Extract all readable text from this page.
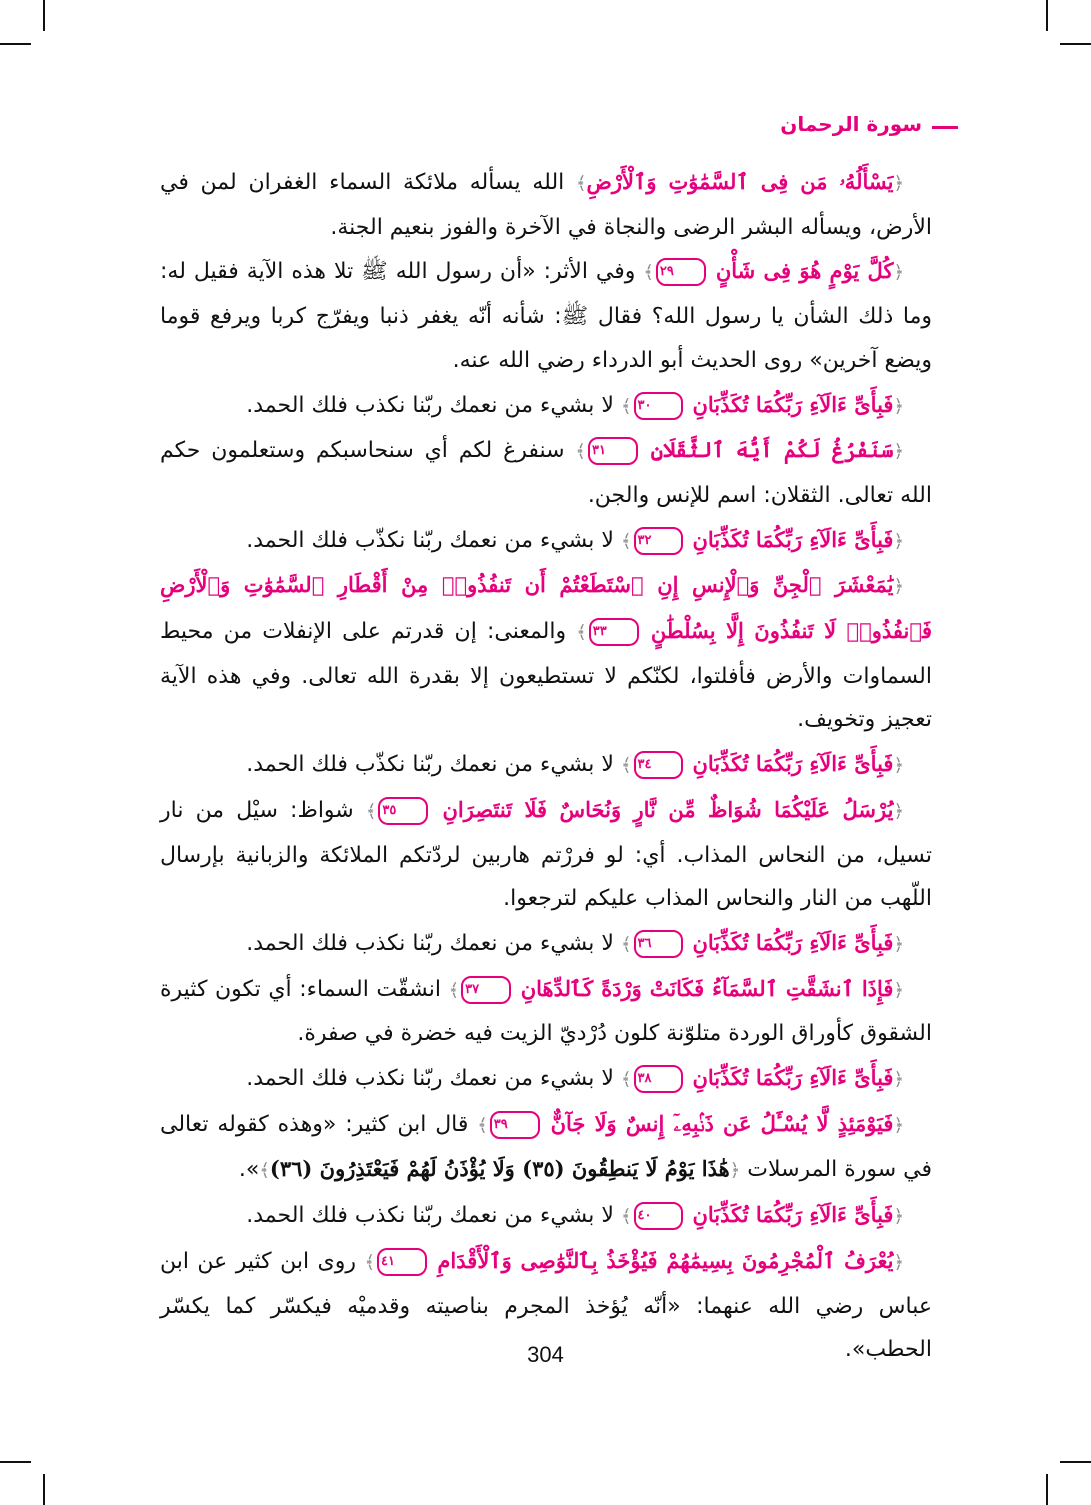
سورة الرحمان

﴿يَسْأَلُهُۥ مَن فِى ٱلسَّمَٰوَٰتِ وَٱلْأَرْضِ﴾ الله يسأله ملائكة السماء الغفران لمن في الأرض، ويسأله البشر الرضى والنجاة في الآخرة والفوز بنعيم الجنة.

﴿كُلَّ يَوْمٍ هُوَ فِى شَأْنٍ ٢٩﴾ وفي الأثر: «أن رسول الله ﷺ تلا هذه الآية فقيل له: وما ذلك الشأن يا رسول الله؟ فقال ﷺ: شأنه أنّه يغفر ذنبا ويفرّج كربا ويرفع قوما ويضع آخرين» روى الحديث أبو الدرداء رضي الله عنه.

﴿فَبِأَىِّ ءَالَآءِ رَبِّكُمَا تُكَذِّبَانِ ٣٠﴾ لا بشيء من نعمك ربّنا نكذب فلك الحمد.

﴿سَنَفْرُغُ لَكُمْ أَيُّهَ ٱلثَّقَلَانِ ٣١﴾ سنفرغ لكم أي سنحاسبكم وستعلمون حكم الله تعالى. الثقلان: اسم للإنس والجن.

﴿فَبِأَىِّ ءَالَآءِ رَبِّكُمَا تُكَذِّبَانِ ٣٢﴾ لا بشيء من نعمك ربّنا نكذّب فلك الحمد.

﴿يَٰمَعْشَرَ ٱلْجِنِّ وَٱلْإِنسِ إِنِ ٱسْتَطَعْتُمْ أَن تَنفُذُوا۟ مِنْ أَقْطَارِ ٱلسَّمَٰوَٰتِ وَٱلْأَرْضِ فَٱنفُذُوا۟ لَا تَنفُذُونَ إِلَّا بِسُلْطَٰنٍ ٣٣﴾ والمعنى: إن قدرتم على الإنفلات من محيط السماوات والأرض فأفلتوا، لكنّكم لا تستطيعون إلا بقدرة الله تعالى. وفي هذه الآية تعجيز وتخويف.

﴿فَبِأَىِّ ءَالَآءِ رَبِّكُمَا تُكَذِّبَانِ ٣٤﴾ لا بشيء من نعمك ربّنا نكذّب فلك الحمد.

﴿يُرْسَلُ عَلَيْكُمَا شُوَاظٌ مِّن نَّارٍ وَنُحَاسٌ فَلَا تَنتَصِرَانِ ٣٥﴾ شواظ: سيْل من نار تسيل، من النحاس المذاب. أي: لو فررْتم هاربين لردّتكم الملائكة والزبانية بإرسال اللّهب من النار والنحاس المذاب عليكم لترجعوا.

﴿فَبِأَىِّ ءَالَآءِ رَبِّكُمَا تُكَذِّبَانِ ٣٦﴾ لا بشيء من نعمك ربّنا نكذب فلك الحمد.

﴿فَإِذَا ٱنشَقَّتِ ٱلسَّمَآءُ فَكَانَتْ وَرْدَةً كَٱلدِّهَانِ ٣٧﴾ انشقّت السماء: أي تكون كثيرة الشقوق كأوراق الوردة متلوّنة كلون دُرْديّ الزيت فيه خضرة في صفرة.

﴿فَبِأَىِّ ءَالَآءِ رَبِّكُمَا تُكَذِّبَانِ ٣٨﴾ لا بشيء من نعمك ربّنا نكذب فلك الحمد.

﴿فَيَوْمَئِذٍ لَّا يُسْـَٔلُ عَن ذَنۢبِهِۦٓ إِنسٌ وَلَا جَآنٌّ ٣٩﴾ قال ابن كثير: «وهذه كقوله تعالى في سورة المرسلات ﴿هَٰذَا يَوْمُ لَا يَنطِقُونَ (٣٥) وَلَا يُؤْذَنُ لَهُمْ فَيَعْتَذِرُونَ (٣٦)﴾».

﴿فَبِأَىِّ ءَالَآءِ رَبِّكُمَا تُكَذِّبَانِ ٤٠﴾ لا بشيء من نعمك ربّنا نكذب فلك الحمد.

﴿يُعْرَفُ ٱلْمُجْرِمُونَ بِسِيمَٰهُمْ فَيُؤْخَذُ بِٱلنَّوَٰصِى وَٱلْأَقْدَامِ ٤١﴾ روى ابن كثير عن ابن عباس رضي الله عنهما: «أنّه يُؤخذ المجرم بناصيته وقدميْه فيكسّر كما يكسّر الحطب».

304
